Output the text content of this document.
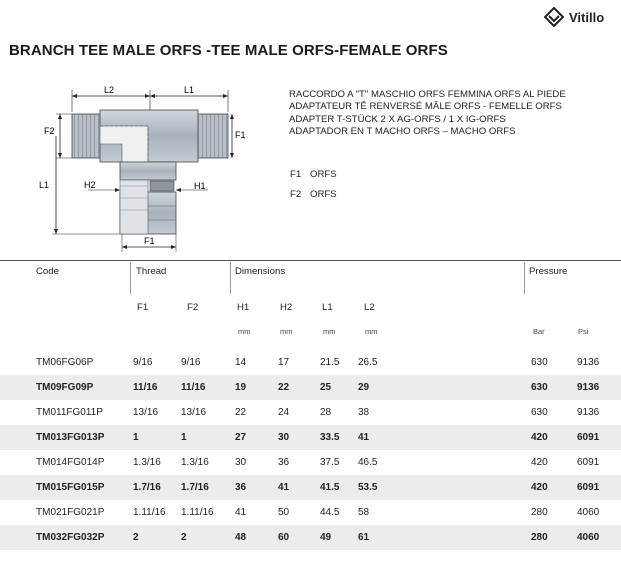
Vitillo
BRANCH TEE MALE ORFS -TEE MALE ORFS-FEMALE ORFS
L2	L1
F2	F1
L1	H2	H1
F1
RACCORDO A "T" MASCHIO ORFS FEMMINA ORFS AL PIEDE
ADAPTATEUR TÊ RENVERSÉ MÂLE ORFS - FEMELLE ORFS
ADAPTER T-STÜCK 2 X AG-ORFS / 1 X IG-ORFS
ADAPTADOR EN T MACHO ORFS – MACHO ORFS
F1 ORFS
F2 ORFS
Code	Thread	Dimensions	Pressure
F1	F2	H1	H2	L1	L2
mm	mm	mm	mm	Bar	Psi
TM06FG06P	9/16	9/16	14	17	21.5 26.5	630	9136
TM09FG09P	11/16 11/16	19	22	25	29	630	9136
TM011FG011P	13/16 13/16	22	24	28	38	630	9136
TM013FG013P	1	1	27	30	33.5 41	420	6091
TM014FG014P	1.3/16 1.3/16	30	36	37.5 46.5	420	6091
TM015FG015P	1.7/16 1.7/16	36	41	41.5 53.5	420	6091
TM021FG021P	1.11/16 1.11/16 41	50	44.5 58	280	4060
TM032FG032P	2	2	48	60	49	61	280	4060
